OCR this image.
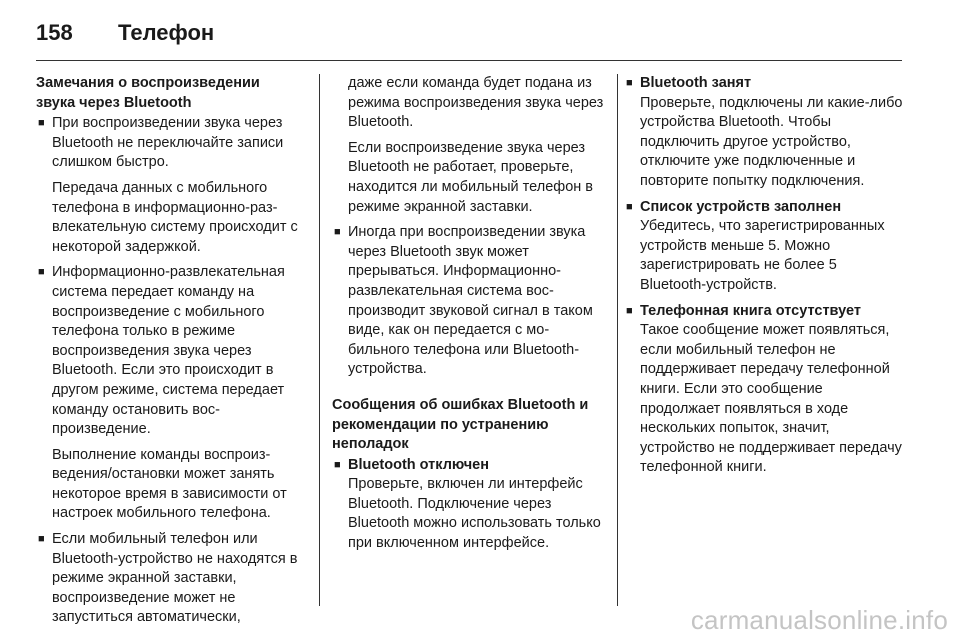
158	Телефон
Замечания о воспроизведении
звука через Bluetooth
■ При воспроизведении звука через Bluetooth не переключайте записи слишком быстро.

Передача данных с мобильного телефона в информационно-развлекательную систему происходит с некоторой задержкой.

■ Информационно-развлекательная система передает команду на воспроизведение с мобильного телефона только в режиме воспроизведения звука через Bluetooth. Если это происходит в другом режиме, система передает команду остановить воспроизведение.

Выполнение команды воспроизведения/остановки может занять некоторое время в зависимости от настроек мобильного телефона.

■ Если мобильный телефон или Bluetooth-устройство не находятся в режиме экранной заставки, воспроизведение может не запуститься автоматически,

даже если команда будет подана из режима воспроизведения звука через Bluetooth.

Если воспроизведение звука через Bluetooth не работает, проверьте, находится ли мобильный телефон в режиме экранной заставки.

■ Иногда при воспроизведении звука через Bluetooth звук может прерываться. Информационно-развлекательная система воспроизводит звуковой сигнал в таком виде, как он передается с мобильного телефона или Bluetooth-устройства.

Сообщения об ошибках Bluetooth и
рекомендации по устранению
неполадок
■ Bluetooth отключен

Проверьте, включен ли интерфейс Bluetooth. Подключение через Bluetooth можно использовать только при включенном интерфейсе.

■ Bluetooth занят

Проверьте, подключены ли какие-либо устройства Bluetooth. Чтобы подключить другое устройство, отключите уже подключенные и повторите попытку подключения.

■ Список устройств заполнен

Убедитесь, что зарегистрированных устройств меньше 5. Можно зарегистрировать не более 5 Bluetooth-устройств.

■ Телефонная книга отсутствует

Такое сообщение может появляться, если мобильный телефон не поддерживает передачу телефонной книги. Если это сообщение продолжает появляться в ходе нескольких попыток, значит, устройство не поддерживает передачу телефонной книги.

carmanualsonline.info
